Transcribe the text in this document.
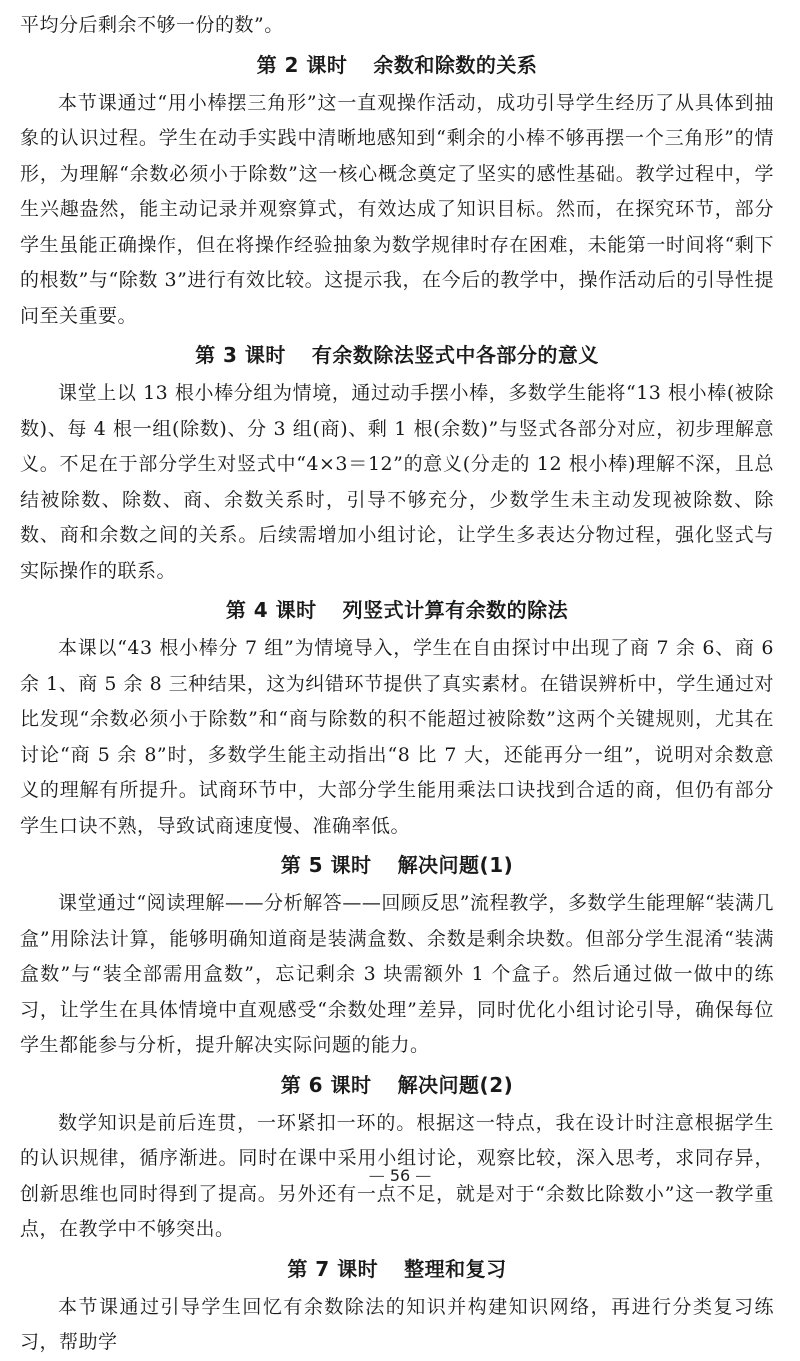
平均分后剩余不够一份的数”。

第 2 课时 余数和除数的关系

本节课通过“用小棒摆三角形”这一直观操作活动，成功引导学生经历了从具体到抽象的认识过程。学生在动手实践中清晰地感知到“剩余的小棒不够再摆一个三角形”的情形，为理解“余数必须小于除数”这一核心概念奠定了坚实的感性基础。教学过程中，学生兴趣盎然，能主动记录并观察算式，有效达成了知识目标。然而，在探究环节，部分学生虽能正确操作，但在将操作经验抽象为数学规律时存在困难，未能第一时间将“剩下的根数”与“除数 3”进行有效比较。这提示我，在今后的教学中，操作活动后的引导性提问至关重要。

第 3 课时 有余数除法竖式中各部分的意义

课堂上以 13 根小棒分组为情境，通过动手摆小棒，多数学生能将“13 根小棒(被除数)、每 4 根一组(除数)、分 3 组(商)、剩 1 根(余数)”与竖式各部分对应，初步理解意义。不足在于部分学生对竖式中“4×3＝12”的意义(分走的 12 根小棒)理解不深，且总结被除数、除数、商、余数关系时，引导不够充分，少数学生未主动发现被除数、除数、商和余数之间的关系。后续需增加小组讨论，让学生多表达分物过程，强化竖式与实际操作的联系。

第 4 课时 列竖式计算有余数的除法

本课以“43 根小棒分 7 组”为情境导入，学生在自由探讨中出现了商 7 余 6、商 6 余 1、商 5 余 8 三种结果，这为纠错环节提供了真实素材。在错误辨析中，学生通过对比发现“余数必须小于除数”和“商与除数的积不能超过被除数”这两个关键规则，尤其在讨论“商 5 余 8”时，多数学生能主动指出“8 比 7 大，还能再分一组”，说明对余数意义的理解有所提升。试商环节中，大部分学生能用乘法口诀找到合适的商，但仍有部分学生口诀不熟，导致试商速度慢、准确率低。

第 5 课时 解决问题(1)

课堂通过“阅读理解——分析解答——回顾反思”流程教学，多数学生能理解“装满几盒”用除法计算，能够明确知道商是装满盒数、余数是剩余块数。但部分学生混淆“装满盒数”与“装全部需用盒数”，忘记剩余 3 块需额外 1 个盒子。然后通过做一做中的练习，让学生在具体情境中直观感受“余数处理”差异，同时优化小组讨论引导，确保每位学生都能参与分析，提升解决实际问题的能力。

第 6 课时 解决问题(2)

数学知识是前后连贯，一环紧扣一环的。根据这一特点，我在设计时注意根据学生的认识规律，循序渐进。同时在课中采用小组讨论，观察比较，深入思考，求同存异，创新思维也同时得到了提高。另外还有一点不足，就是对于“余数比除数小”这一教学重点，在教学中不够突出。

第 7 课时 整理和复习

本节课通过引导学生回忆有余数除法的知识并构建知识网络，再进行分类复习练习，帮助学

— 56 —
